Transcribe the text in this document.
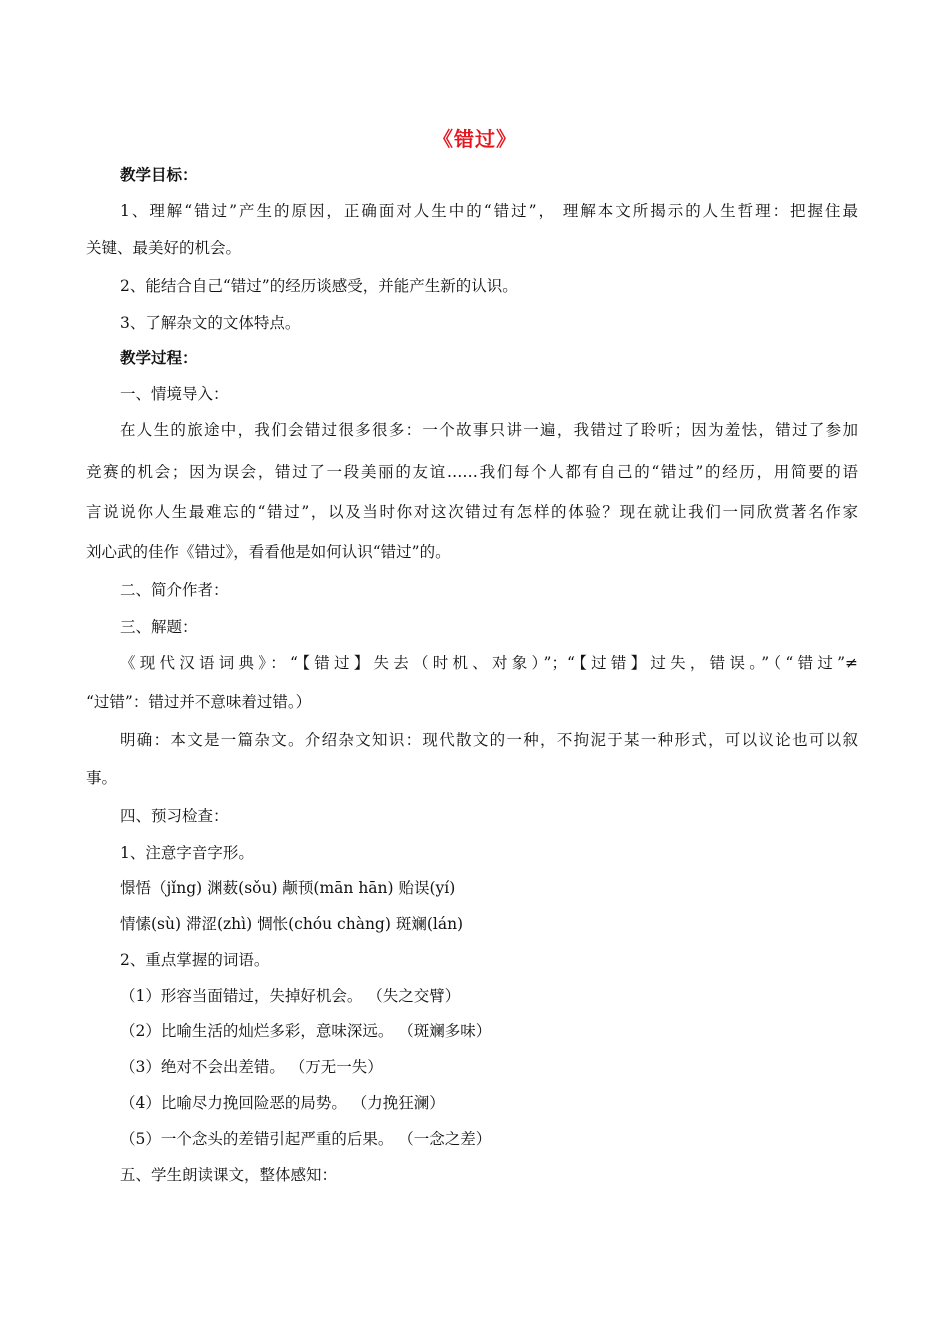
《错过》
教学目标：
1、理解“错过”产生的原因，正确面对人生中的“错过”， 理解本文所揭示的人生哲理：把握住最
关键、最美好的机会。
2、能结合自己“错过”的经历谈感受，并能产生新的认识。
3、了解杂文的文体特点。
教学过程：
一、情境导入：
在人生的旅途中，我们会错过很多很多：一个故事只讲一遍，我错过了聆听；因为羞怯，错过了参加
竞赛的机会；因为误会，错过了一段美丽的友谊……我们每个人都有自己的“错过”的经历，用简要的语
言说说你人生最难忘的“错过”，以及当时你对这次错过有怎样的体验？现在就让我们一同欣赏著名作家
刘心武的佳作《错过》，看看他是如何认识“错过”的。
二、简介作者：
三、解题：
《现代汉语词典》：“【错过】失去（时机、对象）”；“【过错】过失，错误。”（“错过”≠
“过错”：错过并不意味着过错。）
明确：本文是一篇杂文。介绍杂文知识：现代散文的一种，不拘泥于某一种形式，可以议论也可以叙
事。
四、预习检查：
1、注意字音字形。
憬悟（jǐng) 渊薮(sǒu) 颟顸(mān hān) 贻误(yí)
情愫(sù) 滞涩(zhì) 惆怅(chóu chàng) 斑斓(lán)
2、重点掌握的词语。
（1）形容当面错过，失掉好机会。 （失之交臂）
（2）比喻生活的灿烂多彩，意味深远。 （斑斓多味）
（3）绝对不会出差错。 （万无一失）
（4）比喻尽力挽回险恶的局势。 （力挽狂澜）
（5）一个念头的差错引起严重的后果。 （一念之差）
五、学生朗读课文，整体感知：
